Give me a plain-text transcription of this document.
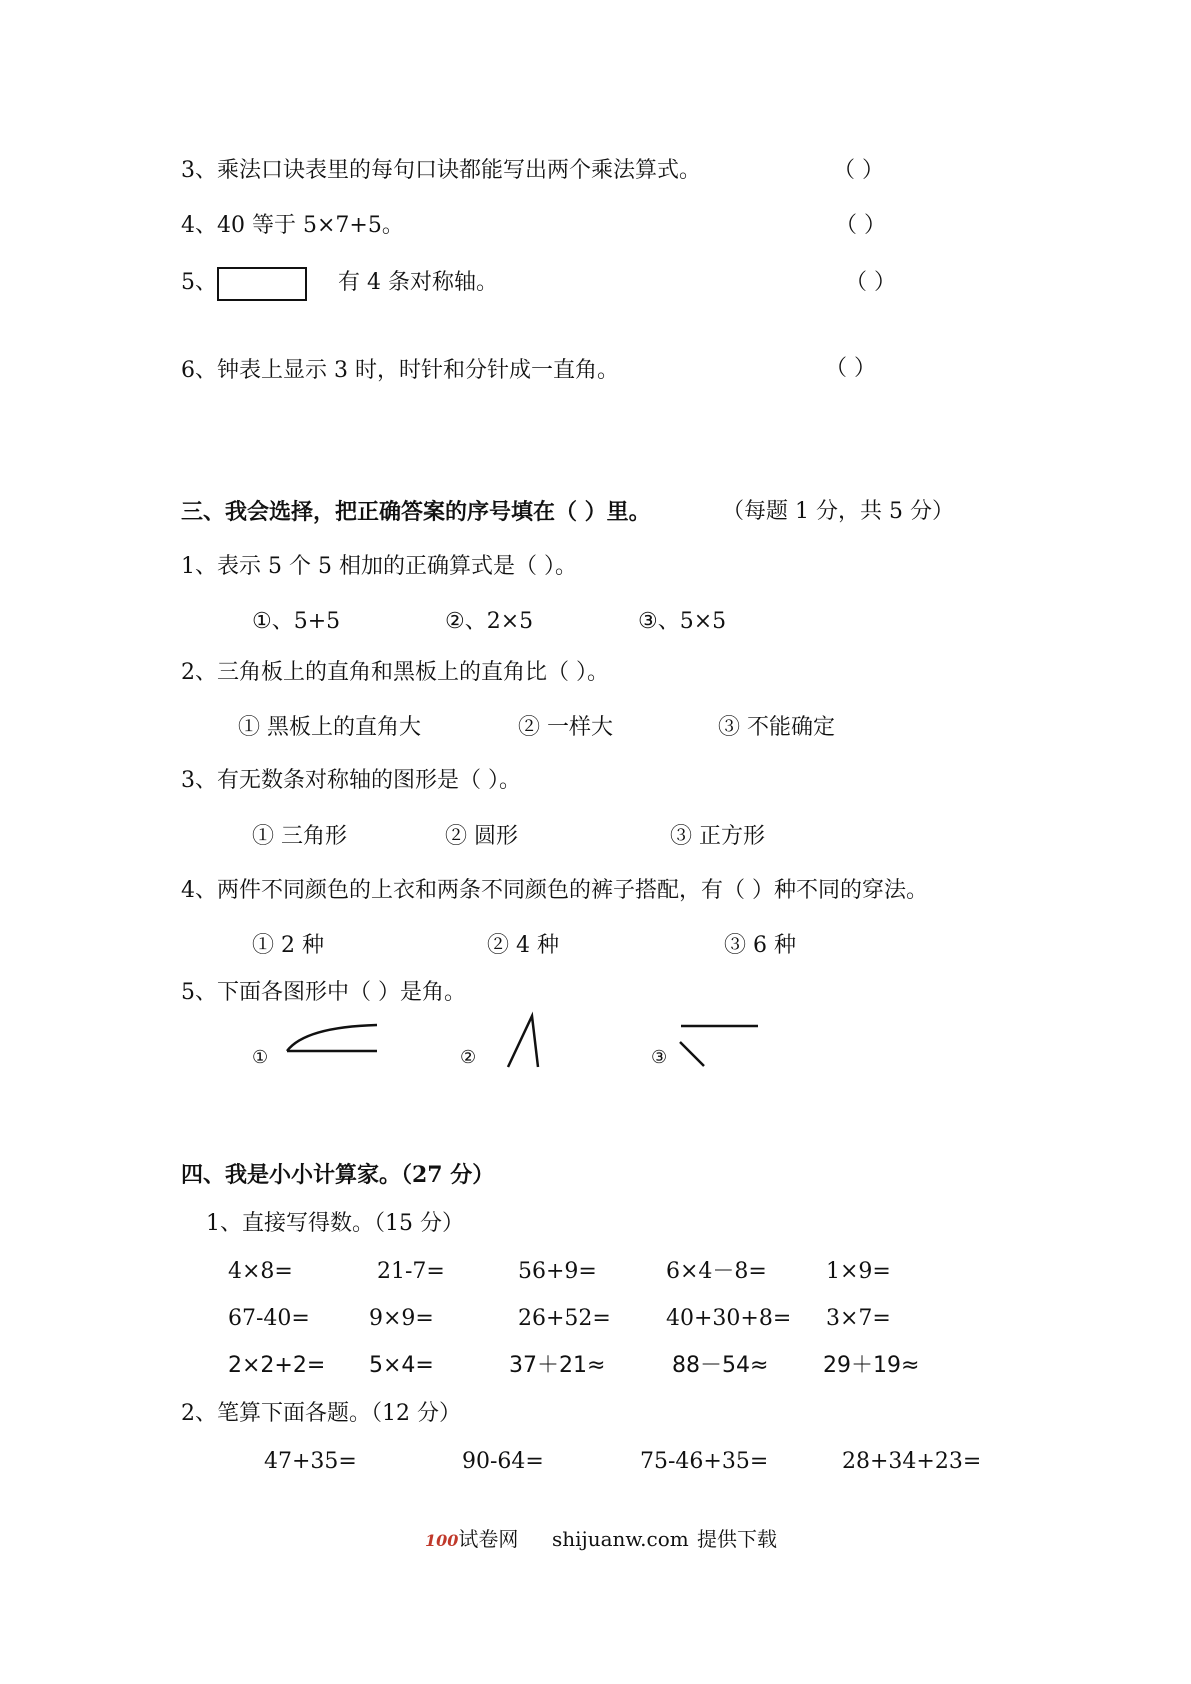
3、乘法口诀表里的每句口诀都能写出两个乘法算式。	（ ）
4、40 等于 5×7+5。	（ ）
5、	有 4 条对称轴。	（ ）
6、钟表上显示 3 时，时针和分针成一直角。	（ ）
三、我会选择，把正确答案的序号填在（ ）里。	（每题 1 分，共 5 分）
1、表示 5 个 5 相加的正确算式是（ ）。
①、5+5	②、2×5	③、5×5
2、三角板上的直角和黑板上的直角比（ ）。
① 黑板上的直角大	② 一样大	③ 不能确定
3、有无数条对称轴的图形是（ ）。
① 三角形	② 圆形	③ 正方形
4、两件不同颜色的上衣和两条不同颜色的裤子搭配，有（ ）种不同的穿法。
① 2 种	② 4 种	③ 6 种
5、下面各图形中（ ）是角。
①	②	③
四、我是小小计算家。（27 分）
1、直接写得数。（15 分）
4×8=	21-7=	56+9=	6×4－8=	1×9=
67-40=	9×9=	26+52=	40+30+8= 3×7=
2×2+2= 5×4=	37＋21≈	88－54≈ 29＋19≈
2、笔算下面各题。（12 分）
47+35=	90-64=	75-46+35=	28+34+23=
100试卷网 shijuanw.com 提供下载
